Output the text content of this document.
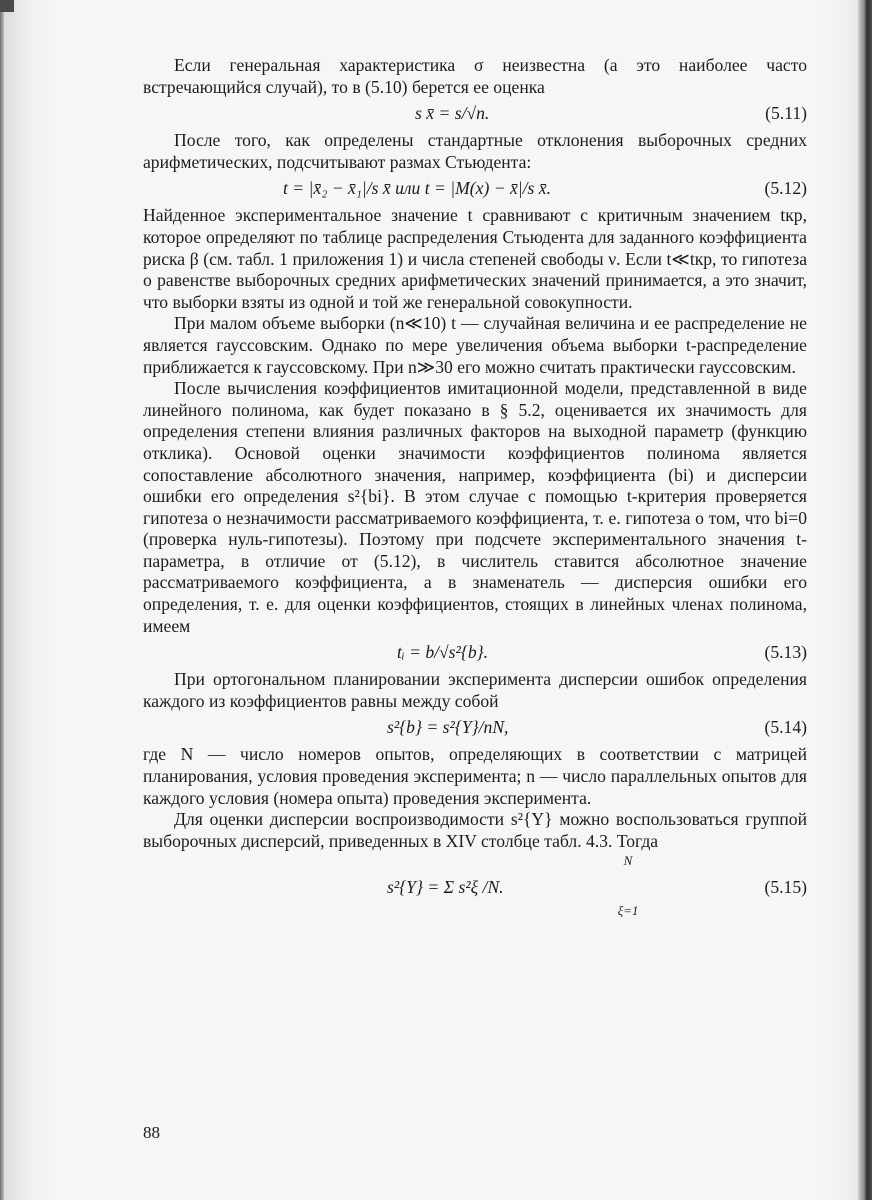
Если генеральная характеристика σ неизвестна (а это наиболее часто встречающийся случай), то в (5.10) берется ее оценка

s x̄ = s/√n.	(5.11)

После того, как определены стандартные отклонения выборочных средних арифметических, подсчитывают размах Стьюдента:

t = |x̄₂ − x̄₁|/s x̄ или t = |M(x) − x̄|/s x̄.	(5.12)

Найденное экспериментальное значение t сравнивают с критичным значением tкр, которое определяют по таблице распределения Стьюдента для заданного коэффициента риска β (см. табл. 1 приложения 1) и числа степеней свободы ν. Если t≪tкр, то гипотеза о равенстве выборочных средних арифметических значений принимается, а это значит, что выборки взяты из одной и той же генеральной совокупности.

При малом объеме выборки (n≪10) t — случайная величина и ее распределение не является гауссовским. Однако по мере увеличения объема выборки t-распределение приближается к гауссовскому. При n≫30 его можно считать практически гауссовским.

После вычисления коэффициентов имитационной модели, представленной в виде линейного полинома, как будет показано в § 5.2, оценивается их значимость для определения степени влияния различных факторов на выходной параметр (функцию отклика). Основой оценки значимости коэффициентов полинома является сопоставление абсолютного значения, например, коэффициента (bi) и дисперсии ошибки его определения s²{bi}. В этом случае с помощью t-критерия проверяется гипотеза о незначимости рассматриваемого коэффициента, т. е. гипотеза о том, что bi=0 (проверка нуль-гипотезы). Поэтому при подсчете экспериментального значения t-параметра, в отличие от (5.12), в числитель ставится абсолютное значение рассматриваемого коэффициента, а в знаменатель — дисперсия ошибки его определения, т. е. для оценки коэффициентов, стоящих в линейных членах полинома, имеем

tᵢ = b/√s²{b}.	(5.13)

При ортогональном планировании эксперимента дисперсии ошибок определения каждого из коэффициентов равны между собой

s²{b} = s²{Y}/nN,	(5.14)

где N — число номеров опытов, определяющих в соответствии с матрицей планирования, условия проведения эксперимента; n — число параллельных опытов для каждого условия (номера опыта) проведения эксперимента.

Для оценки дисперсии воспроизводимости s²{Y} можно воспользоваться группой выборочных дисперсий, приведенных в XIV столбце табл. 4.3. Тогда

N
s²{Y} = Σ s²ξ /N.
ξ=1
(5.15)
88
